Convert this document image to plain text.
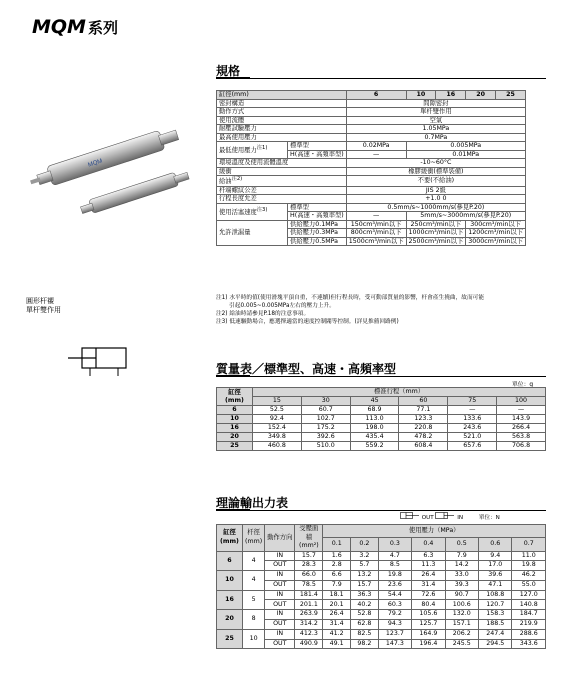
MQM 系列
MQM
圓形杆襯
單杆雙作用
規格
缸徑(mm)		6	10	16	20	25
密封構造		間隙密封				
動作方式		單杆雙作用				
使用流體		空氣				
耐壓試驗壓力		1.05MPa				
最高使用壓力		0.7MPa				
最低使用壓力$^{注1)}$	標準型	0.02MPa	0.005MPa			
	H(高速・高頻率型)	—	0.01MPa			
環境溫度及使用流體溫度		-10~60°C				
緩衝		橡膠緩衝(標準裝備)				
給油$^{注2)}$		不要(不給油)				
杆端螺紋公差		JIS 2級				
行程長度允差		+1.0 0				
使用活塞速度$^{注3)}$	標準型	0.5mm/s~1000mm/s(參見P.20)				
	H(高速・高頻率型)	—	5mm/s~3000mm/s(參見P.20)			
允許泄漏量	供給壓力0.1MPa	150cm³/min以下	250cm³/min以下		300cm³/min以下	
	供給壓力0.3MPa	800cm³/min以下	1000cm³/min以下		1200cm³/min以下	
	供給壓力0.5MPa	1500cm³/min以下	2500cm³/min以下		3000cm³/min以下	
注1) 水平時的值(使用滑塊平頂自重，不連續)但行程長時，受可動部質量的影響，杆會產生撓曲，故而可能
　　 引起0.005~0.005MPa左右的壓力上升。
注2) 給油時請參見P.18的注意事項。
注3) 低速驅動場合，應選擇適當的速度控制閥等控制。(詳見推薦回路例)
質量表／標準型、高速・高頻率型
單位：g
缸徑
(mm)	標准行程（mm）					
	15	30	45	60	75	100
6	52.5	60.7	68.9	77.1	—	—
10	92.4	102.7	113.0	123.3	133.6	143.9
16	152.4	175.2	198.0	220.8	243.6	266.4
20	349.8	392.6	435.4	478.2	521.0	563.8
25	460.8	510.0	559.2	608.4	657.6	706.8
理論輸出力表
OUT	IN	單位：N
缸徑
(mm)	杆徑
(mm)	動作方向	受壓面積
(mm²)	使用壓力（MPa）						
				0.1	0.2	0.3	0.4	0.5	0.6	0.7
6	4	IN	15.7	1.6	3.2	4.7	6.3	7.9	9.4	11.0
		OUT	28.3	2.8	5.7	8.5	11.3	14.2	17.0	19.8
10	4	IN	66.0	6.6	13.2	19.8	26.4	33.0	39.6	46.2
		OUT	78.5	7.9	15.7	23.6	31.4	39.3	47.1	55.0
16	5	IN	181.4	18.1	36.3	54.4	72.6	90.7	108.8	127.0
		OUT	201.1	20.1	40.2	60.3	80.4	100.6	120.7	140.8
20	8	IN	263.9	26.4	52.8	79.2	105.6	132.0	158.3	184.7
		OUT	314.2	31.4	62.8	94.3	125.7	157.1	188.5	219.9
25	10	IN	412.3	41.2	82.5	123.7	164.9	206.2	247.4	288.6
		OUT	490.9	49.1	98.2	147.3	196.4	245.5	294.5	343.6
